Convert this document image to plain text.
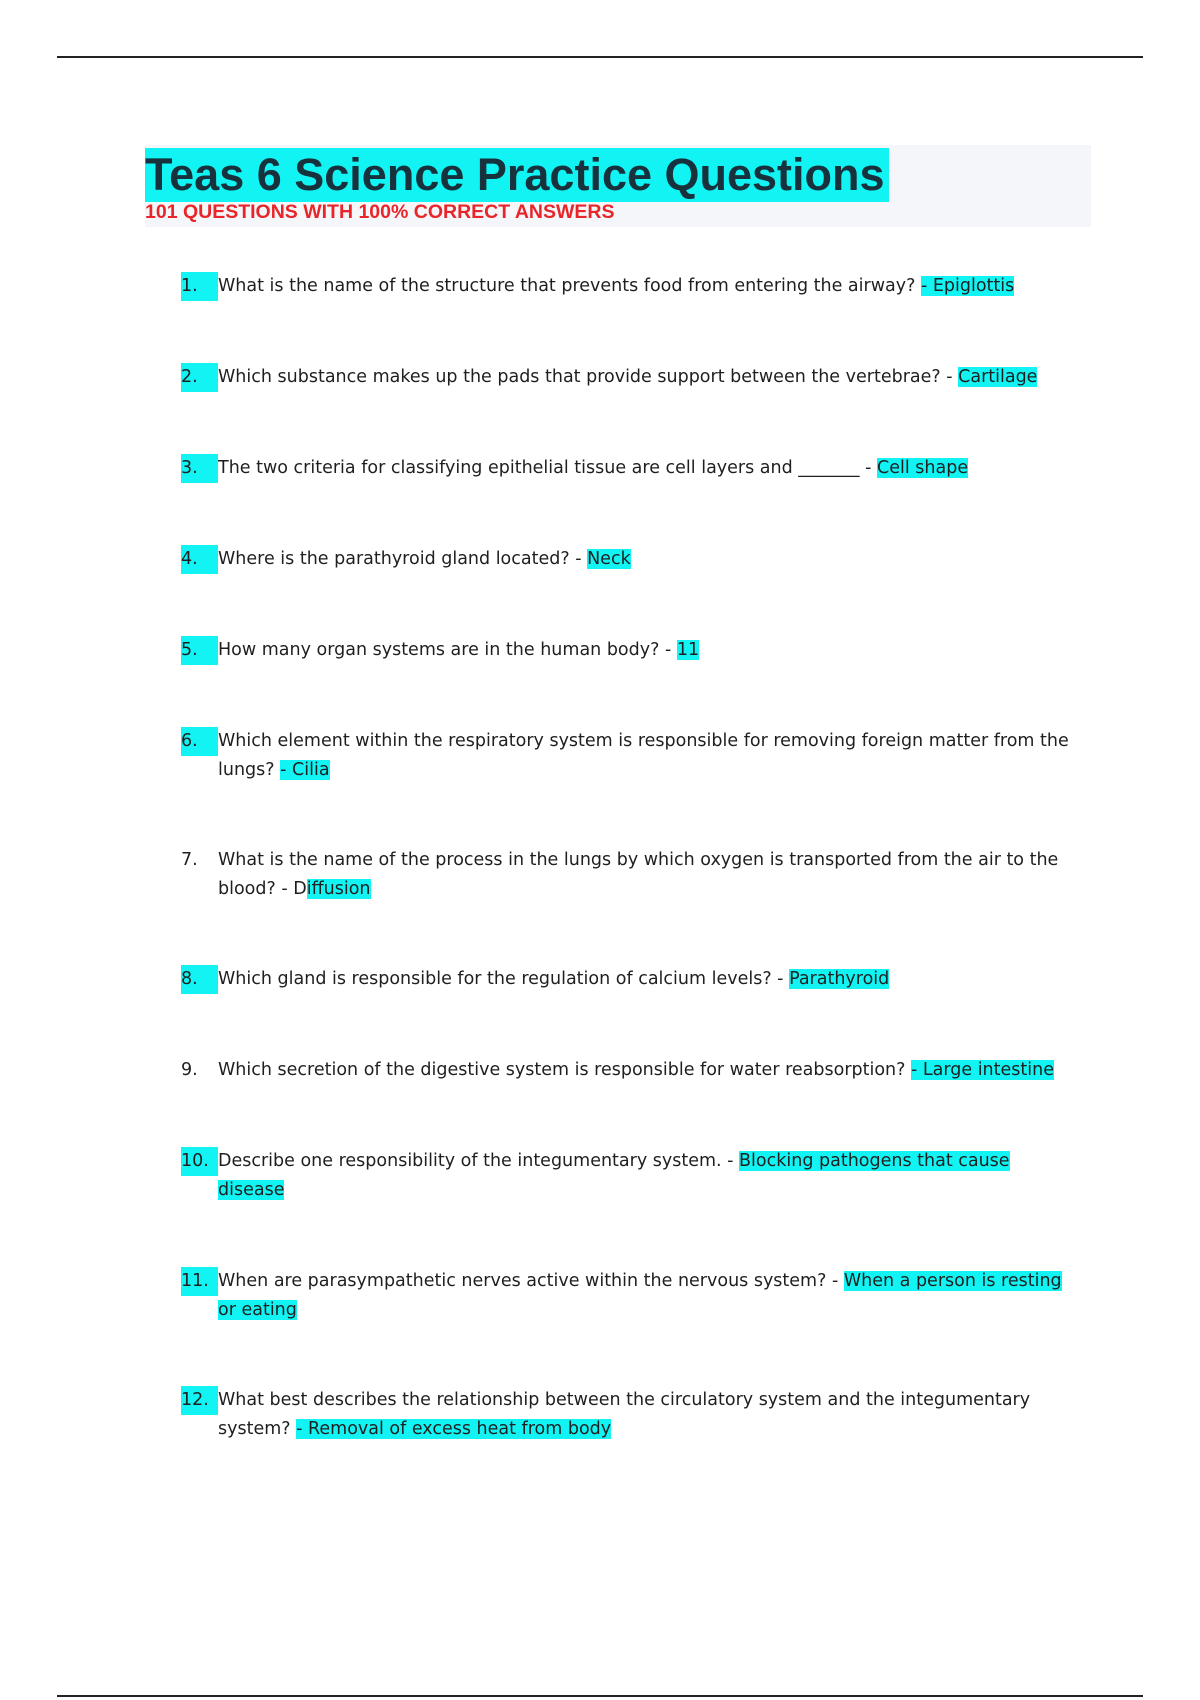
Teas 6 Science Practice Questions

101 QUESTIONS WITH 100% CORRECT ANSWERS

1.	What is the name of the structure that prevents food from entering the airway? - Epiglottis
2.	Which substance makes up the pads that provide support between the vertebrae? - Cartilage
3.	The two criteria for classifying epithelial tissue are cell layers and _______ - Cell shape
4.	Where is the parathyroid gland located? - Neck
5.	How many organ systems are in the human body? - 11
6.	Which element within the respiratory system is responsible for removing foreign matter from the lungs? - Cilia
7.	What is the name of the process in the lungs by which oxygen is transported from the air to the blood? - Diffusion
8.	Which gland is responsible for the regulation of calcium levels? - Parathyroid
9.	Which secretion of the digestive system is responsible for water reabsorption? - Large intestine
10. Describe one responsibility of the integumentary system. - Blocking pathogens that cause disease
11. When are parasympathetic nerves active within the nervous system? - When a person is resting or eating
12. What best describes the relationship between the circulatory system and the integumentary system? - Removal of excess heat from body
